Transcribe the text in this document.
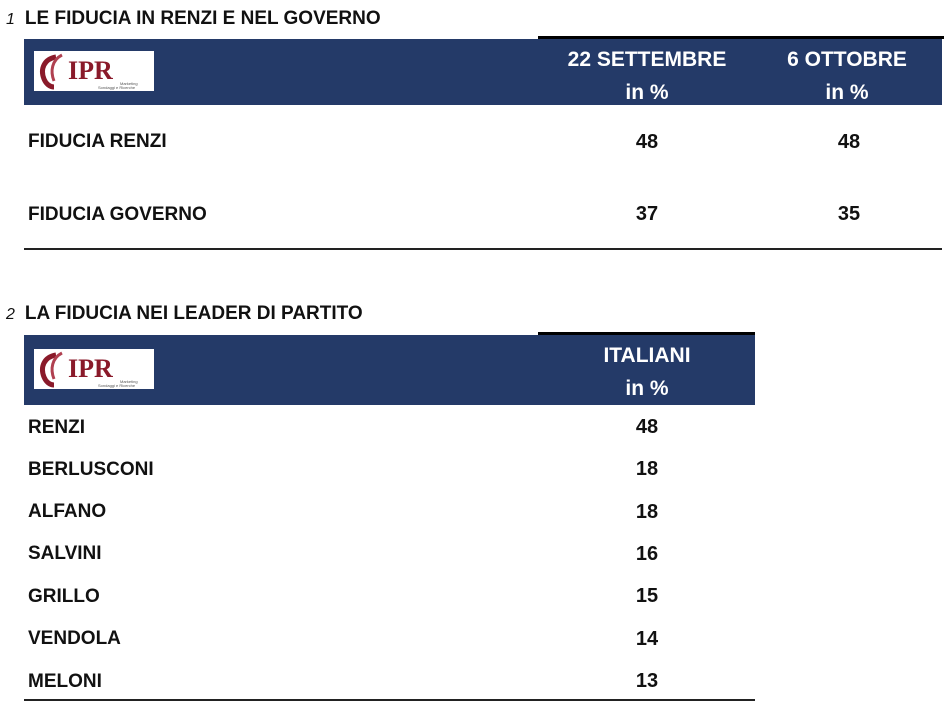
1 LE FIDUCIA IN RENZI E NEL GOVERNO
IPR Marketing
Sondaggi e Ricerche
22 SETTEMBRE
in %
6 OTTOBRE
in %
FIDUCIA RENZI	48	48
FIDUCIA GOVERNO	37	35
2 LA FIDUCIA NEI LEADER DI PARTITO
IPR Marketing
Sondaggi e Ricerche
ITALIANI
in %
RENZI	48
BERLUSCONI	18
ALFANO	18
SALVINI	16
GRILLO	15
VENDOLA	14
MELONI	13
